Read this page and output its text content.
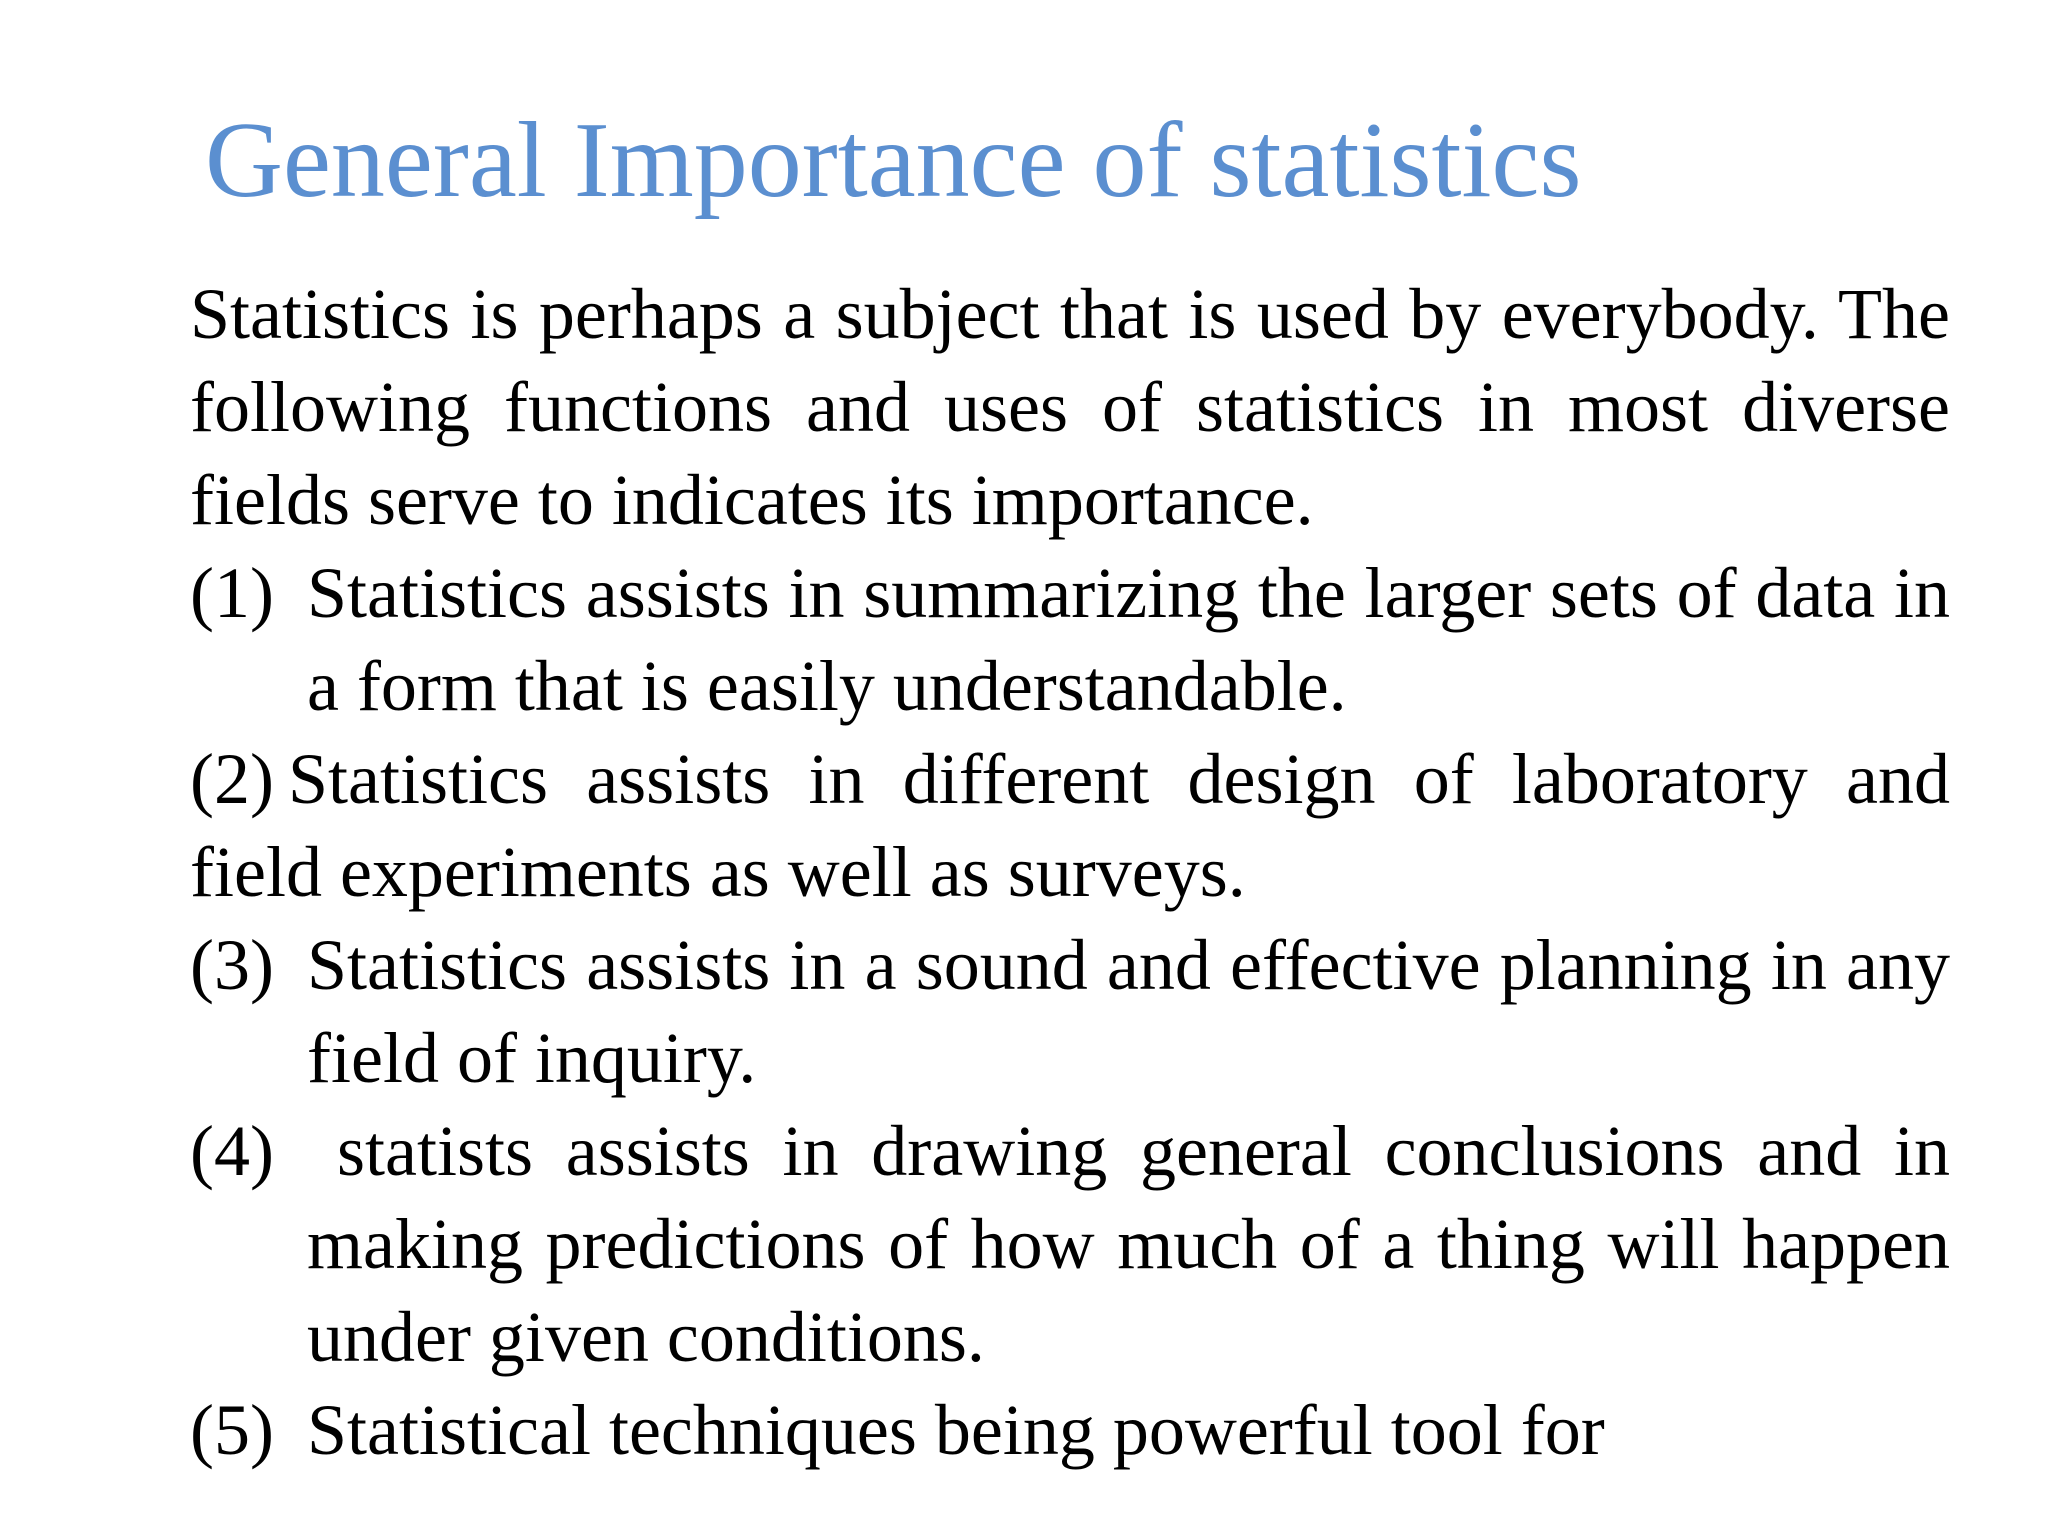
General Importance of statistics

Statistics is perhaps a subject that is used by everybody. The following functions and uses of statistics in most diverse fields serve to indicates its importance.

(1) Statistics assists in summarizing the larger sets of data in a form that is easily understandable.

(2) Statistics assists in different design of laboratory and field experiments as well as surveys.

(3) Statistics assists in a sound and effective planning in any field of inquiry.

(4) statists assists in drawing general conclusions and in making predictions of how much of a thing will happen under given conditions.

(5) Statistical techniques being powerful tool for
